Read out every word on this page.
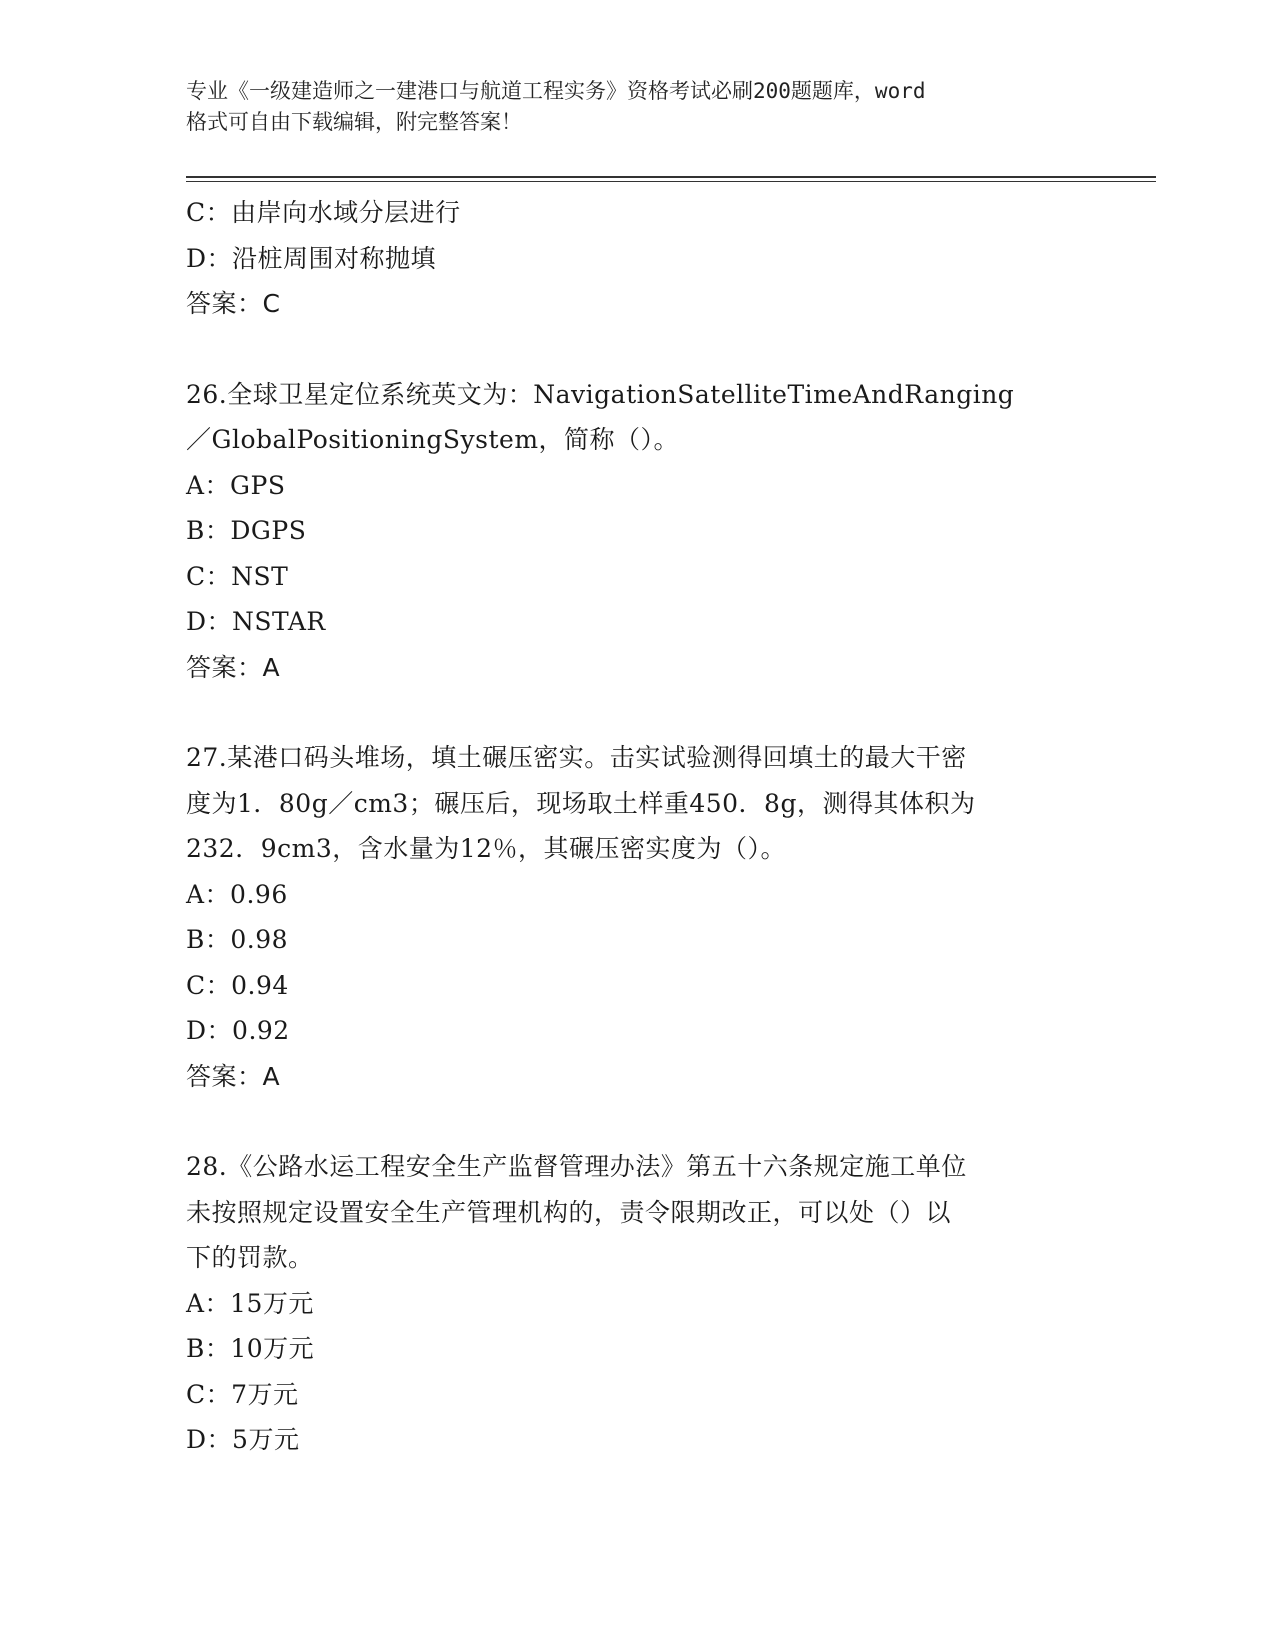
专业《一级建造师之一建港口与航道工程实务》资格考试必刷200题题库，word
格式可自由下载编辑，附完整答案！
C：由岸向水域分层进行
D：沿桩周围对称抛填
答案：C
26.全球卫星定位系统英文为：NavigationSatelliteTimeAndRanging
／GlobalPositioningSystem，简称（）。
A：GPS
B：DGPS
C：NST
D：NSTAR
答案：A
27.某港口码头堆场，填土碾压密实。击实试验测得回填土的最大干密
度为1．80g／cm3；碾压后，现场取土样重450．8g，测得其体积为
232．9cm3，含水量为12％，其碾压密实度为（）。
A：0.96
B：0.98
C：0.94
D：0.92
答案：A
28.《公路水运工程安全生产监督管理办法》第五十六条规定施工单位
未按照规定设置安全生产管理机构的，责令限期改正，可以处（）以
下的罚款。
A：15万元
B：10万元
C：7万元
D：5万元
